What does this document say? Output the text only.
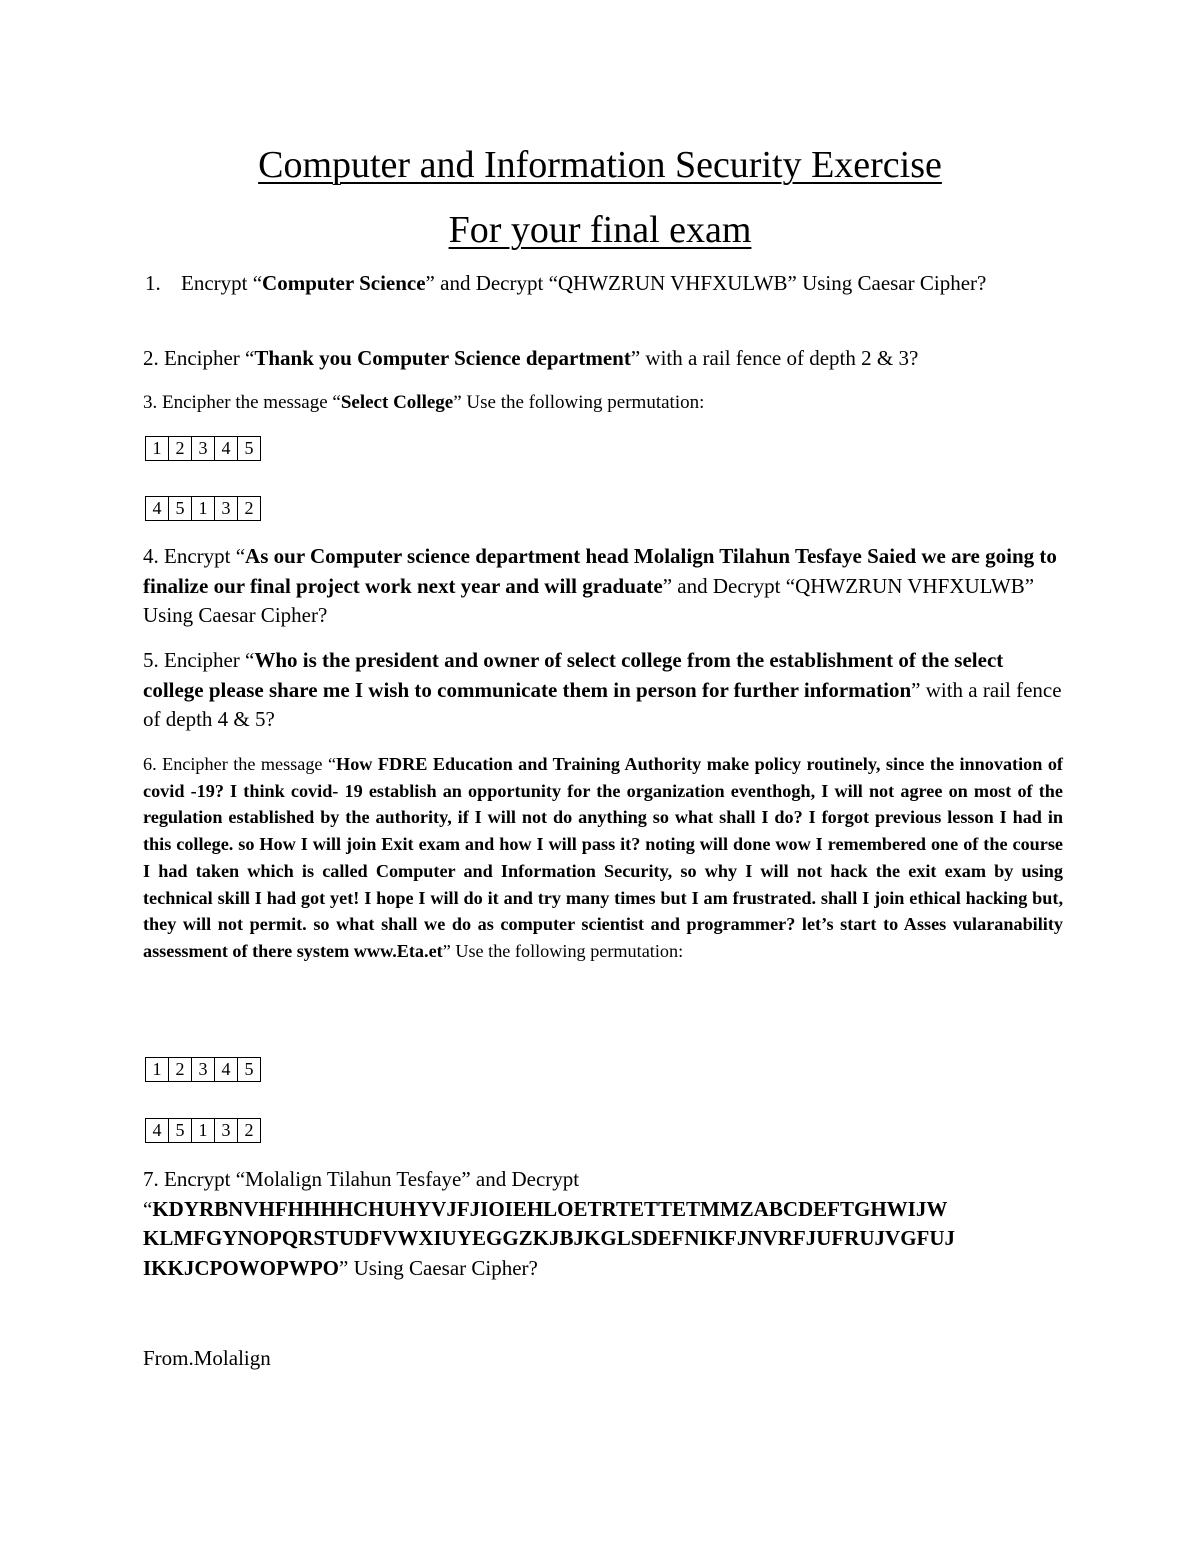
Computer and Information Security Exercise
For your final exam
1. Encrypt “Computer Science” and Decrypt “QHWZRUN VHFXULWB” Using Caesar Cipher?
2. Encipher “Thank you Computer Science department” with a rail fence of depth 2 & 3?
3. Encipher the message “Select College” Use the following permutation:
1	2	3	4	5
4	5	1	3	2
4. Encrypt “As our Computer science department head Molalign Tilahun Tesfaye Saied we are going to finalize our final project work next year and will graduate” and Decrypt “QHWZRUN VHFXULWB” Using Caesar Cipher?
5. Encipher “Who is the president and owner of select college from the establishment of the select college please share me I wish to communicate them in person for further information” with a rail fence of depth 4 & 5?
6. Encipher the message “How FDRE Education and Training Authority make policy routinely, since the innovation of covid -19? I think covid- 19 establish an opportunity for the organization eventhogh, I will not agree on most of the regulation established by the authority, if I will not do anything so what shall I do? I forgot previous lesson I had in this college. so How I will join Exit exam and how I will pass it? noting will done wow I remembered one of the course I had taken which is called Computer and Information Security, so why I will not hack the exit exam by using technical skill I had got yet! I hope I will do it and try many times but I am frustrated. shall I join ethical hacking but, they will not permit. so what shall we do as computer scientist and programmer? let’s start to Asses vularanability assessment of there system www.Eta.et” Use the following permutation:
1	2	3	4	5
4	5	1	3	2
7. Encrypt “Molalign Tilahun Tesfaye” and Decrypt “KDYRBNVHFHHHHCHUHYVJFJIOIEHLOETRTETTETMMZABCDEFTGHWIJW
KLMFGYNOPQRSTUDFVWXIUYEGGZKJBJKGLSDEFNIKFJNVRFJUFRUJVGFUJ
IKKJCPOWOPWPO” Using Caesar Cipher?
From.Molalign
